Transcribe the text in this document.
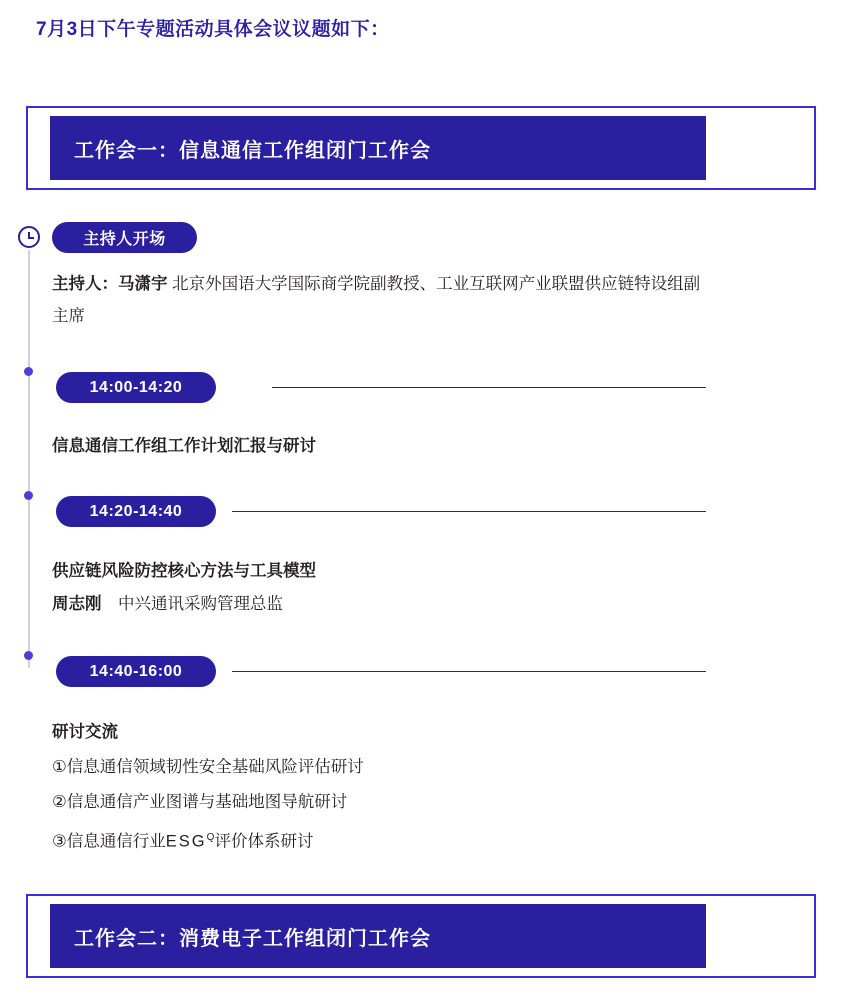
7月3日下午专题活动具体会议议题如下：
工作会一：信息通信工作组闭门工作会
主持人开场
主持人：马潇宇 北京外国语大学国际商学院副教授、工业互联网产业联盟供应链特设组副主席
14:00-14:20
信息通信工作组工作计划汇报与研讨
14:20-14:40
供应链风险防控核心方法与工具模型
周志刚　中兴通讯采购管理总监
14:40-16:00
研讨交流
①信息通信领域韧性安全基础风险评估研讨
②信息通信产业图谱与基础地图导航研讨
③信息通信行业$ESG^Q$评价体系研讨
工作会二：消费电子工作组闭门工作会
